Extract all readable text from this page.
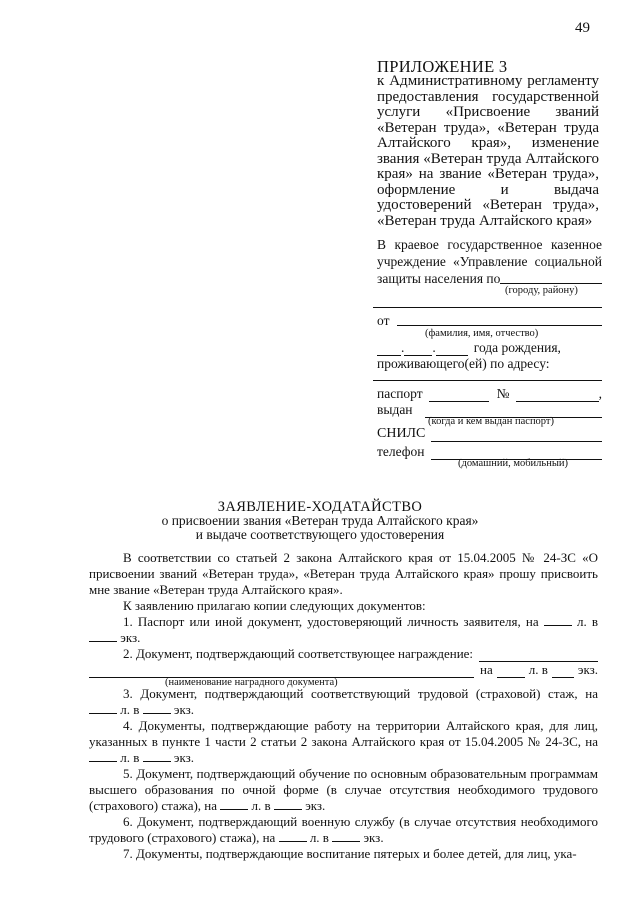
49
ПРИЛОЖЕНИЕ 3
к Административному регламенту предоставления государственной услуги «Присвоение званий «Ветеран труда», «Ветеран труда Алтайского края», изменение звания «Ветеран труда Алтайского края» на звание «Ветеран труда», оформление и выдача удостоверений «Ветеран труда», «Ветеран труда Алтайского края»
В краевое государственное казенное
учреждение «Управление социальной
защиты населения по
(городу, району)
от
(фамилия, имя, отчество)
. .	года рождения,
проживающего(ей) по адресу:
паспорт	№	,
выдан
(когда и кем выдан паспорт)
СНИЛС
телефон
(домашний, мобильный)
ЗАЯВЛЕНИЕ-ХОДАТАЙСТВО
о присвоении звания «Ветеран труда Алтайского края»
и выдаче соответствующего удостоверения
В соответствии со статьей 2 закона Алтайского края от 15.04.2005 № 24-ЗС «О присвоении званий «Ветеран труда», «Ветеран труда Алтайского края» прошу присвоить мне звание «Ветеран труда Алтайского края».
К заявлению прилагаю копии следующих документов:
1. Паспорт или иной документ, удостоверяющий личность заявителя, на	л. в  экз.
2. Документ, подтверждающий соответствующее награждение:
на	л. в экз.
(наименование наградного документа)
3. Документ, подтверждающий соответствующий трудовой (страховой) стаж, на  л. в	экз.
4. Документы, подтверждающие работу на территории Алтайского края, для лиц, указанных в пункте 1 части 2 статьи 2 закона Алтайского края от 15.04.2005 № 24-ЗС, на  л. в	экз.
5. Документ, подтверждающий обучение по основным образовательным программам высшего образования по очной форме (в случае отсутствия необходимого трудового (страхового) стажа), на	л. в	экз.
6. Документ, подтверждающий военную службу (в случае отсутствия необходимого трудового (страхового) стажа), на	л. в	экз.
7. Документы, подтверждающие воспитание пятерых и более детей, для лиц, ука-
